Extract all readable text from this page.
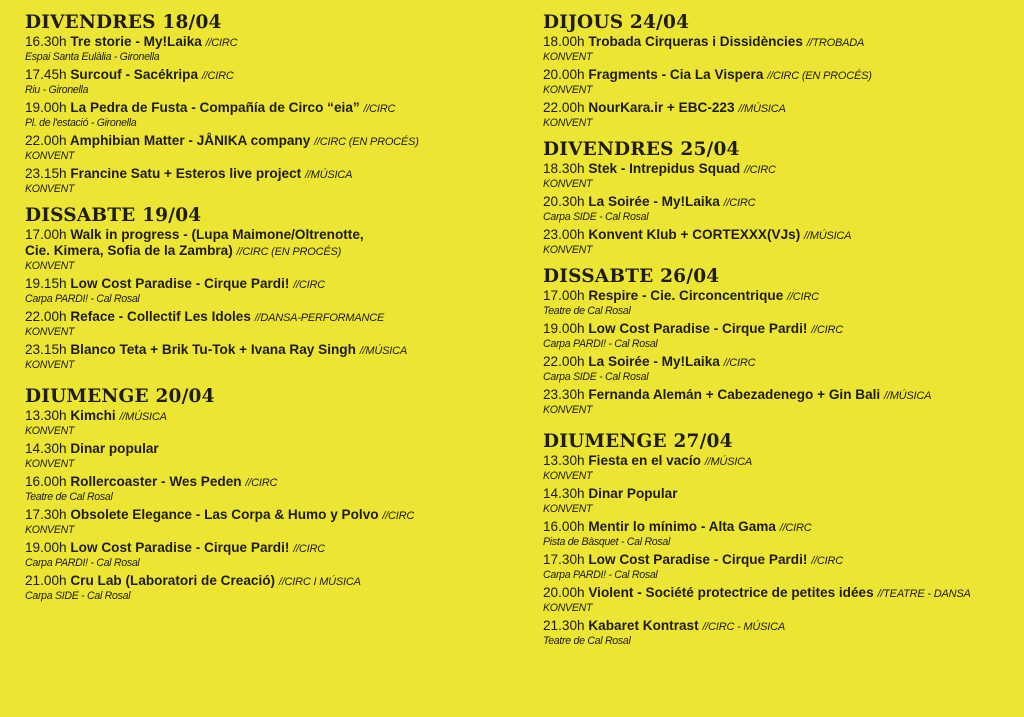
DIVENDRES 18/04
16.30h Tre storie - My!Laika //CIRC
Espai Santa Eulàlia - Gironella
17.45h Surcouf - Sacékripa //CIRC
Riu - Gironella
19.00h La Pedra de Fusta - Compañía de Circo “eia” //CIRC
Pl. de l'estació - Gironella
22.00h Amphibian Matter - JÅNIKA company //CIRC (EN PROCÉS)
KONVENT
23.15h Francine Satu + Esteros live project //MÚSICA
KONVENT
DISSABTE 19/04
17.00h Walk in progress - (Lupa Maimone/Oltrenotte,
Cie. Kimera, Sofia de la Zambra) //CIRC (EN PROCÉS)
KONVENT
19.15h Low Cost Paradise - Cirque Pardi! //CIRC
Carpa PARDI! - Cal Rosal
22.00h Reface - Collectif Les Idoles //DANSA-PERFORMANCE
KONVENT
23.15h Blanco Teta + Brik Tu-Tok + Ivana Ray Singh //MÚSICA
KONVENT
DIUMENGE 20/04
13.30h Kimchi //MÚSICA
KONVENT
14.30h Dinar popular
KONVENT
16.00h Rollercoaster - Wes Peden //CIRC
Teatre de Cal Rosal
17.30h Obsolete Elegance - Las Corpa & Humo y Polvo //CIRC
KONVENT
19.00h Low Cost Paradise - Cirque Pardi! //CIRC
Carpa PARDI! - Cal Rosal
21.00h Cru Lab (Laboratori de Creació) //CIRC I MÚSICA
Carpa SIDE - Cal Rosal
DIJOUS 24/04
18.00h Trobada Cirqueras i Dissidències //TROBADA
KONVENT
20.00h Fragments - Cia La Vispera //CIRC (EN PROCÉS)
KONVENT
22.00h NourKara.ir + EBC-223 //MÚSICA
KONVENT
DIVENDRES 25/04
18.30h Stek - Intrepidus Squad //CIRC
KONVENT
20.30h La Soirée - My!Laika //CIRC
Carpa SIDE - Cal Rosal
23.00h Konvent Klub + CORTEXXX(VJs) //MÚSICA
KONVENT
DISSABTE 26/04
17.00h Respire - Cie. Circoncentrique //CIRC
Teatre de Cal Rosal
19.00h Low Cost Paradise - Cirque Pardi! //CIRC
Carpa PARDI! - Cal Rosal
22.00h La Soirée - My!Laika //CIRC
Carpa SIDE - Cal Rosal
23.30h Fernanda Alemán + Cabezadenego + Gin Bali //MÚSICA
KONVENT
DIUMENGE 27/04
13.30h Fiesta en el vacío //MÚSICA
KONVENT
14.30h Dinar Popular
KONVENT
16.00h Mentir lo mínimo - Alta Gama //CIRC
Pista de Bàsquet - Cal Rosal
17.30h Low Cost Paradise - Cirque Pardi! //CIRC
Carpa PARDI! - Cal Rosal
20.00h Violent - Société protectrice de petites idées //TEATRE - DANSA
KONVENT
21.30h Kabaret Kontrast //CIRC - MÚSICA
Teatre de Cal Rosal
